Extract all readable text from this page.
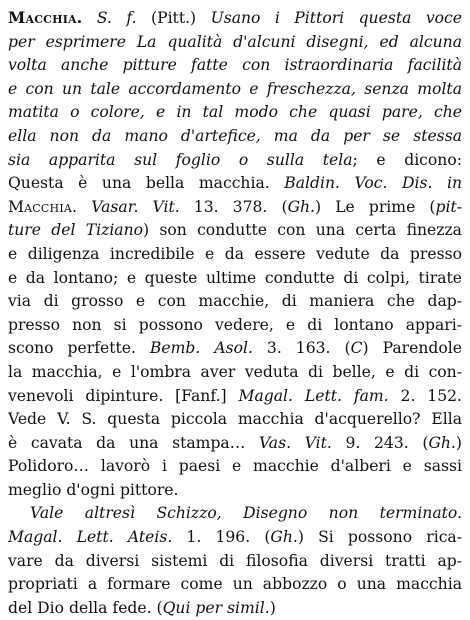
Macchia. S. f. (Pitt.) Usano i Pittori questa voce
per esprimere La qualità d'alcuni disegni, ed alcuna
volta anche pitture fatte con istraordinaria facilità
e con un tale accordamento e freschezza, senza molta
matita o colore, e in tal modo che quasi pare, che
ella non da mano d'artefice, ma da per se stessa
sia apparita sul foglio o sulla tela; e dicono:
Questa è una bella macchia. Baldin. Voc. Dis. in
Macchia. Vasar. Vit. 13. 378. (Gh.) Le prime (pit-
ture del Tiziano) son condutte con una certa finezza
e diligenza incredibile e da essere vedute da presso
e da lontano; e queste ultime condutte di colpi, tirate
via di grosso e con macchie, di maniera che dap-
presso non si possono vedere, e di lontano appari-
scono perfette. Bemb. Asol. 3. 163. (C) Parendole
la macchia, e l'ombra aver veduta di belle, e di con-
venevoli dipinture. [Fanf.] Magal. Lett. fam. 2. 152.
Vede V. S. questa piccola macchia d'acquerello? Ella
è cavata da una stampa… Vas. Vit. 9. 243. (Gh.)
Polidoro… lavorò i paesi e macchie d'alberi e sassi
meglio d'ogni pittore.
Vale altresì Schizzo, Disegno non terminato.
Magal. Lett. Ateis. 1. 196. (Gh.) Si possono rica-
vare da diversi sistemi di filosofia diversi tratti ap-
propriati a formare come un abbozzo o una macchia
del Dio della fede. (Qui per simil.)
